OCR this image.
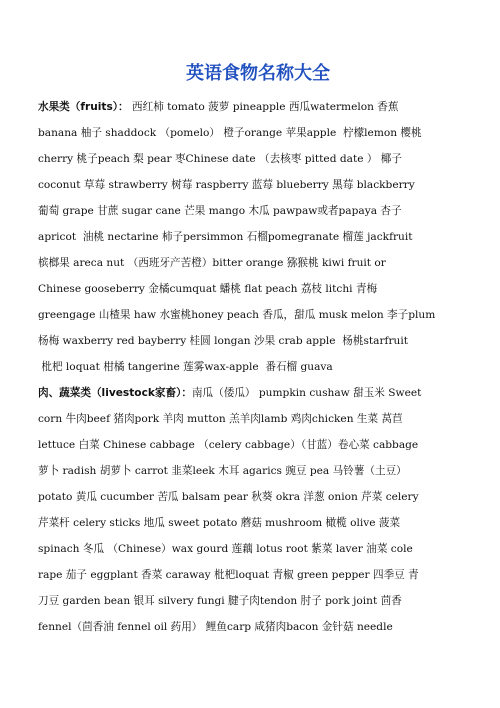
英语食物名称大全
水果类（fruits）： 西红柿 tomato 菠萝 pineapple 西瓜watermelon 香蕉
banana 柚子 shaddock （pomelo） 橙子orange 苹果apple  柠檬lemon 樱桃
cherry 桃子peach 梨 pear 枣Chinese date （去核枣 pitted date ） 椰子
coconut 草莓 strawberry 树莓 raspberry 蓝莓 blueberry 黑莓 blackberry
葡萄 grape 甘蔗 sugar cane 芒果 mango 木瓜 pawpaw或者papaya 杏子
apricot  油桃 nectarine 柿子persimmon 石榴pomegranate 榴莲 jackfruit
槟榔果 areca nut （西班牙产苦橙）bitter orange 猕猴桃 kiwi fruit or
Chinese gooseberry 金橘cumquat 蟠桃 flat peach 荔枝 litchi 青梅
greengage 山楂果 haw 水蜜桃honey peach 香瓜，甜瓜 musk melon 李子plum
杨梅 waxberry red bayberry 桂圆 longan 沙果 crab apple  杨桃starfruit
枇杷 loquat 柑橘 tangerine 莲雾wax-apple  番石榴 guava
肉、蔬菜类（livestock家畜）：南瓜（倭瓜） pumpkin cushaw 甜玉米 Sweet
corn 牛肉beef 猪肉pork 羊肉 mutton 羔羊肉lamb 鸡肉chicken 生菜 莴苣
lettuce 白菜 Chinese cabbage （celery cabbage）（甘蓝）卷心菜 cabbage
萝卜 radish 胡萝卜 carrot 韭菜leek 木耳 agarics 豌豆 pea 马铃薯（土豆）
potato 黄瓜 cucumber 苦瓜 balsam pear 秋葵 okra 洋葱 onion 芹菜 celery
芹菜杆 celery sticks 地瓜 sweet potato 蘑菇 mushroom 橄榄 olive 菠菜
spinach 冬瓜 （Chinese）wax gourd 莲藕 lotus root 紫菜 laver 油菜 cole
rape 茄子 eggplant 香菜 caraway 枇杷loquat 青椒 green pepper 四季豆 青
刀豆 garden bean 银耳 silvery fungi 腱子肉tendon 肘子 pork joint 茴香
fennel（茴香油 fennel oil 药用） 鲤鱼carp 咸猪肉bacon 金针菇 needle
